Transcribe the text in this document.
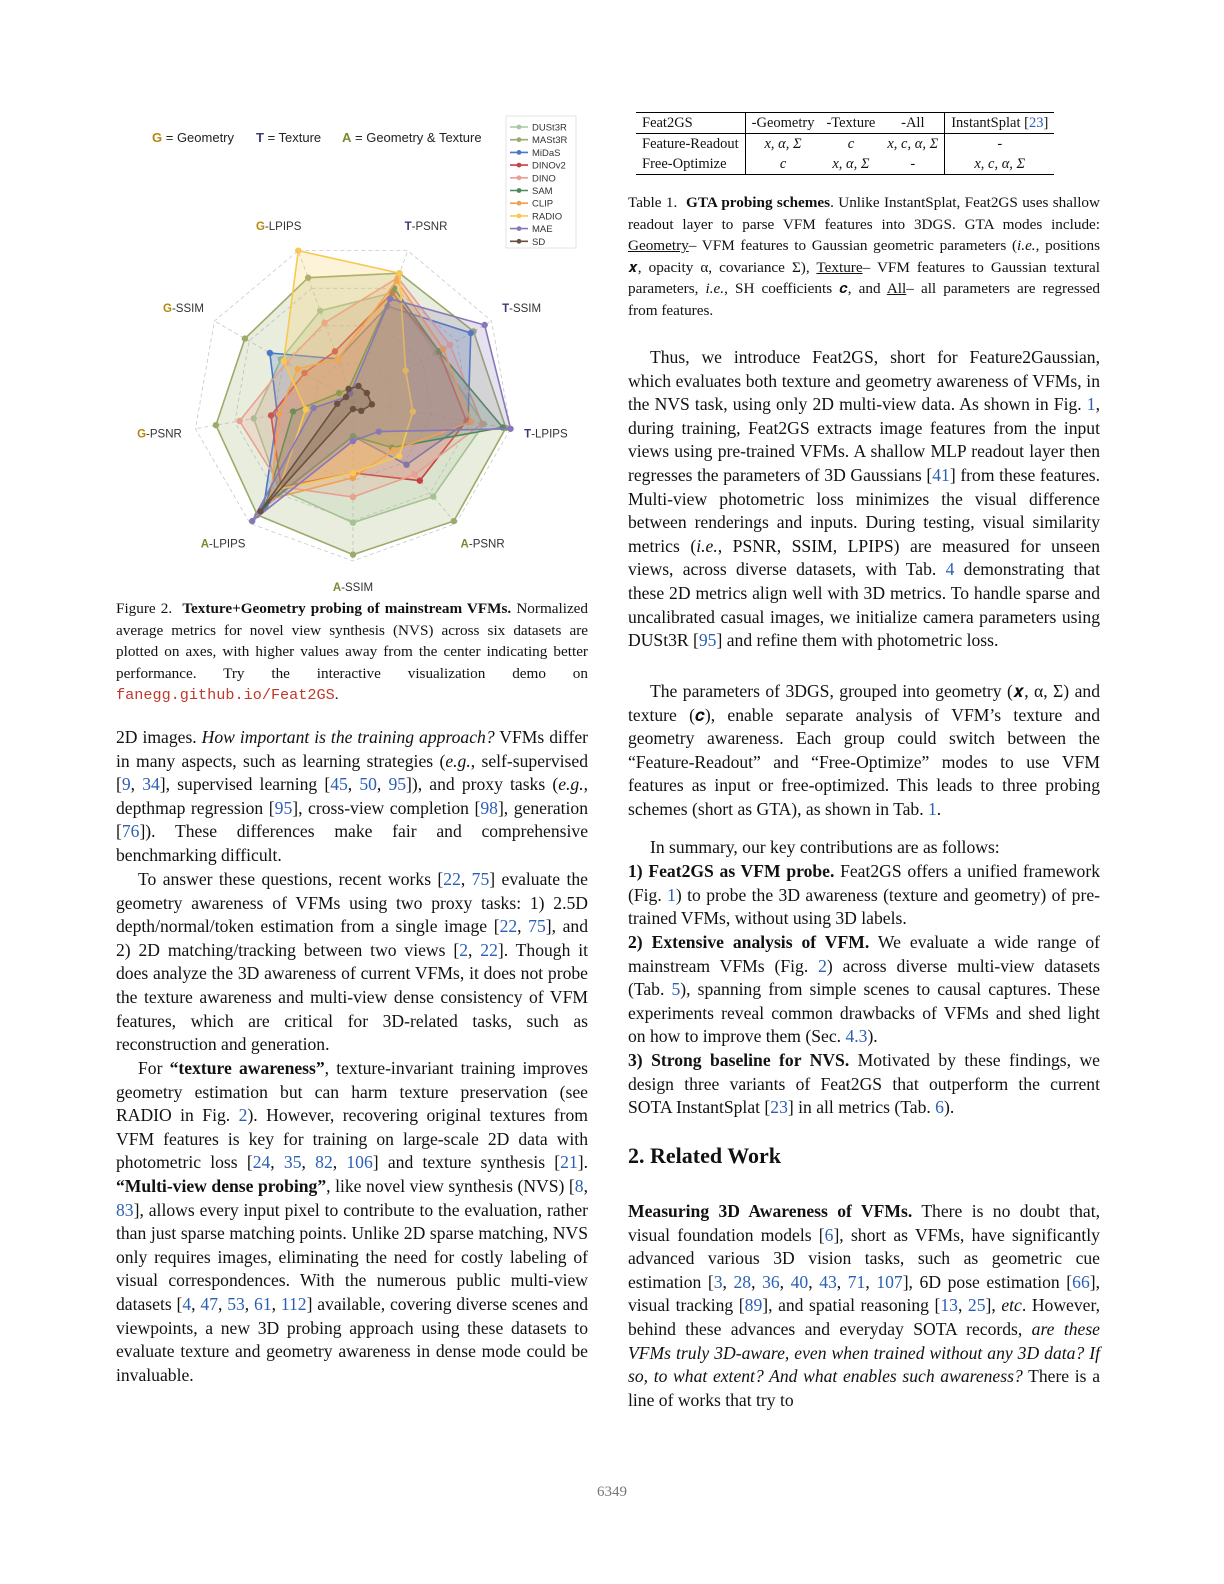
G = Geometry T = Texture A = Geometry & Texture
G-LPIPS	T-PSNR
T-SSIM
T-LPIPS
A-PSNR
A-SSIM
A-LPIPS
G-PSNR
G-SSIM
DUSt3R
MASt3R
MiDaS
DINOv2
DINO
SAM
CLIP
RADIO
MAE
SD
Figure 2. Texture+Geometry probing of mainstream VFMs. Normalized average metrics for novel view synthesis (NVS) across six datasets are plotted on axes, with higher values away from the center indicating better performance. Try the interactive visualization demo on fanegg.github.io/Feat2GS.
2D images. How important is the training approach? VFMs differ in many aspects, such as learning strategies (e.g., self-supervised [9, 34], supervised learning [45, 50, 95]), and proxy tasks (e.g., depthmap regression [95], cross-view completion [98], generation [76]). These differences make fair and comprehensive benchmarking difficult.
To answer these questions, recent works [22, 75] evaluate the geometry awareness of VFMs using two proxy tasks: 1) 2.5D depth/normal/token estimation from a single image [22, 75], and 2) 2D matching/tracking between two views [2, 22]. Though it does analyze the 3D awareness of current VFMs, it does not probe the texture awareness and multi-view dense consistency of VFM features, which are critical for 3D-related tasks, such as reconstruction and generation.
For “texture awareness”, texture-invariant training improves geometry estimation but can harm texture preservation (see RADIO in Fig. 2). However, recovering original textures from VFM features is key for training on large-scale 2D data with photometric loss [24, 35, 82, 106] and texture synthesis [21]. “Multi-view dense probing”, like novel view synthesis (NVS) [8, 83], allows every input pixel to contribute to the evaluation, rather than just sparse matching points. Unlike 2D sparse matching, NVS only requires images, eliminating the need for costly labeling of visual correspondences. With the numerous public multi-view datasets [4, 47, 53, 61, 112] available, covering diverse scenes and viewpoints, a new 3D probing approach using these datasets to evaluate texture and geometry awareness in dense mode could be invaluable.
Feat2GS	-Geometry	-Texture	-All	InstantSplat [23]
Feature-Readout	x, α, Σ	c	x, c, α, Σ	-
Free-Optimize	c	x, α, Σ	-	x, c, α, Σ
Table 1. GTA probing schemes. Unlike InstantSplat, Feat2GS uses shallow readout layer to parse VFM features into 3DGS. GTA modes include: Geometry– VFM features to Gaussian geometric parameters (i.e., positions 𝒙, opacity α, covariance Σ), Texture– VFM features to Gaussian textural parameters, i.e., SH coefficients 𝒄, and All– all parameters are regressed from features.
Thus, we introduce Feat2GS, short for Feature2Gaussian, which evaluates both texture and geometry awareness of VFMs, in the NVS task, using only 2D multi-view data. As shown in Fig. 1, during training, Feat2GS extracts image features from the input views using pre-trained VFMs. A shallow MLP readout layer then regresses the parameters of 3D Gaussians [41] from these features. Multi-view photometric loss minimizes the visual difference between renderings and inputs. During testing, visual similarity metrics (i.e., PSNR, SSIM, LPIPS) are measured for unseen views, across diverse datasets, with Tab. 4 demonstrating that these 2D metrics align well with 3D metrics. To handle sparse and uncalibrated casual images, we initialize camera parameters using DUSt3R [95] and refine them with photometric loss.
The parameters of 3DGS, grouped into geometry (𝒙, α, Σ) and texture (𝒄), enable separate analysis of VFM’s texture and geometry awareness. Each group could switch between the “Feature-Readout” and “Free-Optimize” modes to use VFM features as input or free-optimized. This leads to three probing schemes (short as GTA), as shown in Tab. 1.
In summary, our key contributions are as follows:
1) Feat2GS as VFM probe. Feat2GS offers a unified framework (Fig. 1) to probe the 3D awareness (texture and geometry) of pre-trained VFMs, without using 3D labels.
2) Extensive analysis of VFM. We evaluate a wide range of mainstream VFMs (Fig. 2) across diverse multi-view datasets (Tab. 5), spanning from simple scenes to causal captures. These experiments reveal common drawbacks of VFMs and shed light on how to improve them (Sec. 4.3).
3) Strong baseline for NVS. Motivated by these findings, we design three variants of Feat2GS that outperform the current SOTA InstantSplat [23] in all metrics (Tab. 6).
2. Related Work
Measuring 3D Awareness of VFMs. There is no doubt that, visual foundation models [6], short as VFMs, have significantly advanced various 3D vision tasks, such as geometric cue estimation [3, 28, 36, 40, 43, 71, 107], 6D pose estimation [66], visual tracking [89], and spatial reasoning [13, 25], etc. However, behind these advances and everyday SOTA records, are these VFMs truly 3D-aware, even when trained without any 3D data? If so, to what extent? And what enables such awareness? There is a line of works that try to
6349
